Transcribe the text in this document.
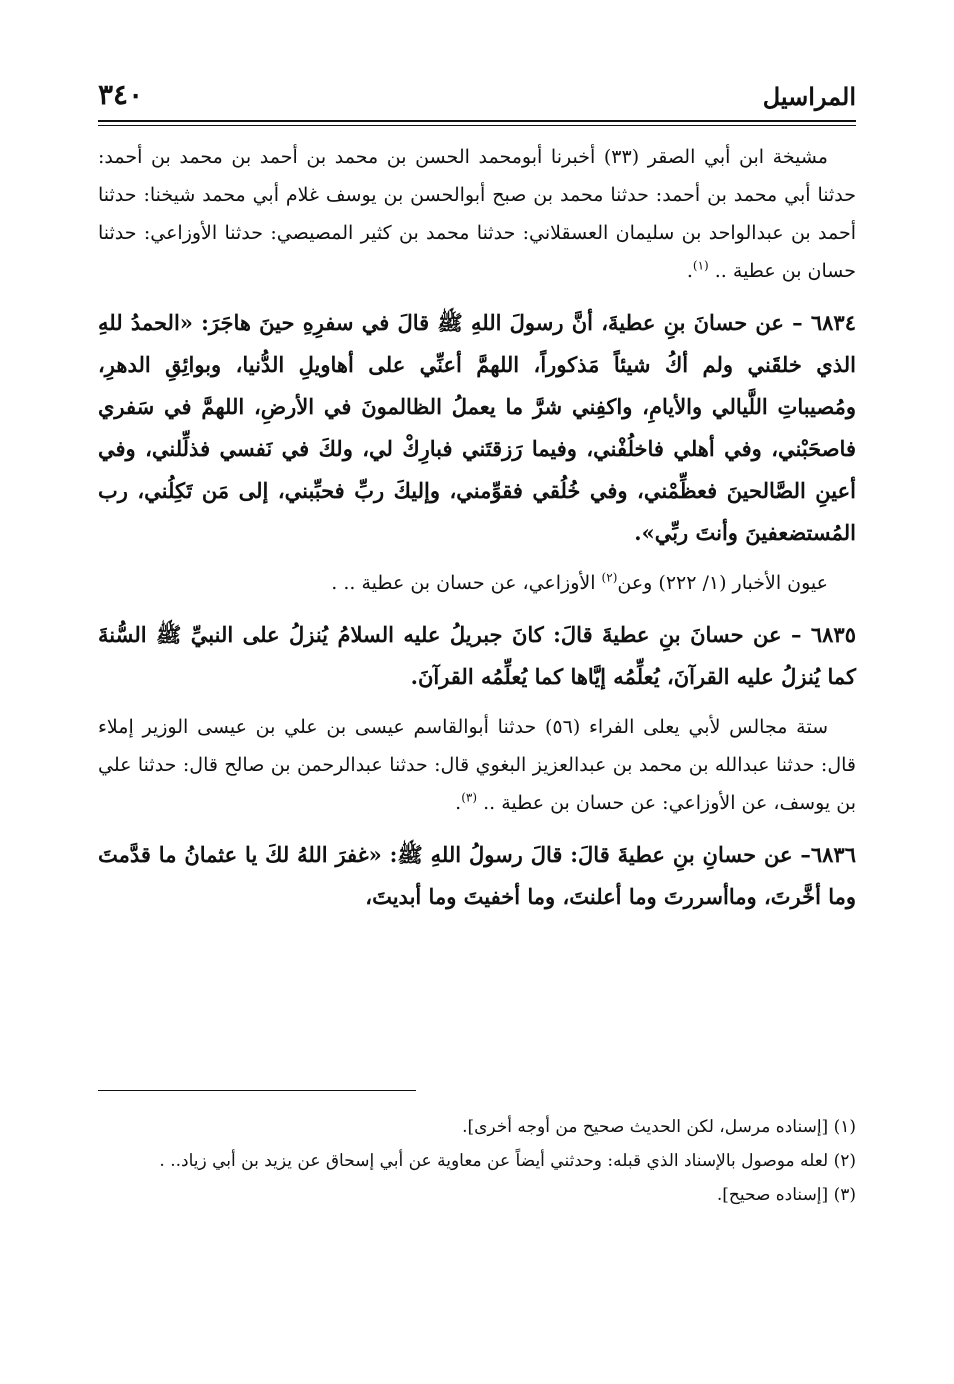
المراسيل
٣٤٠

مشيخة ابن أبي الصقر (٣٣) أخبرنا أبومحمد الحسن بن محمد بن أحمد بن محمد بن أحمد: حدثنا أبي محمد بن أحمد: حدثنا محمد بن صبح أبوالحسن بن يوسف غلام أبي محمد شيخنا: حدثنا أحمد بن عبدالواحد بن سليمان العسقلاني: حدثنا محمد بن كثير المصيصي: حدثنا الأوزاعي: حدثنا حسان بن عطية .. $^{(١)}$.

٦٨٣٤ – عن حسانَ بنِ عطيةَ، أنَّ رسولَ اللهِ ﷺ قالَ في سفرِهِ حينَ هاجَرَ: «الحمدُ للهِ الذي خلقَني ولم أكُ شيئاً مَذكوراً، اللهمَّ أعنِّي على أهاويلِ الدُّنيا، وبوائِقِ الدهرِ، ومُصيباتِ اللَّيالي والأيامِ، واكفِني شرَّ ما يعملُ الظالمونَ في الأرضِ، اللهمَّ في سَفري فاصحَبْني، وفي أهلي فاخلُفْني، وفيما رَزقتَني فبارِكْ لي، ولكَ في نَفسي فذلِّلني، وفي أعينِ الصَّالحينَ فعظِّمْني، وفي خُلُقي فقوِّمني، وإليكَ ربِّ فحبِّبني، إلى مَن تَكِلُني، رب المُستضعفينَ وأنتَ ربِّي».

عيون الأخبار (١/ ٢٢٢) وعن$^{(٢)}$ الأوزاعي، عن حسان بن عطية .. .

٦٨٣٥ – عن حسانَ بنِ عطيةَ قالَ: كانَ جبريلُ عليه السلامُ يُنزلُ على النبيِّ ﷺ السُّنةَ كما يُنزلُ عليه القرآنَ، يُعلِّمُه إيَّاها كما يُعلِّمُه القرآنَ.

ستة مجالس لأبي يعلى الفراء (٥٦) حدثنا أبوالقاسم عيسى بن علي بن عيسى الوزير إملاء قال: حدثنا عبدالله بن محمد بن عبدالعزيز البغوي قال: حدثنا عبدالرحمن بن صالح قال: حدثنا علي بن يوسف، عن الأوزاعي: عن حسان بن عطية .. $^{(٣)}$.

٦٨٣٦– عن حسانِ بنِ عطيةَ قالَ: قالَ رسولُ اللهِ ﷺ: «غفرَ اللهُ لكَ يا عثمانُ ما قدَّمتَ وما أخَّرتَ، وماأسررتَ وما أعلنتَ، وما أخفيتَ وما أبديتَ،

(١) [إسناده مرسل، لكن الحديث صحيح من أوجه أخرى].

(٢) لعله موصول بالإسناد الذي قبله: وحدثني أيضاً عن معاوية عن أبي إسحاق عن يزيد بن أبي زياد.. .

(٣) [إسناده صحيح].
